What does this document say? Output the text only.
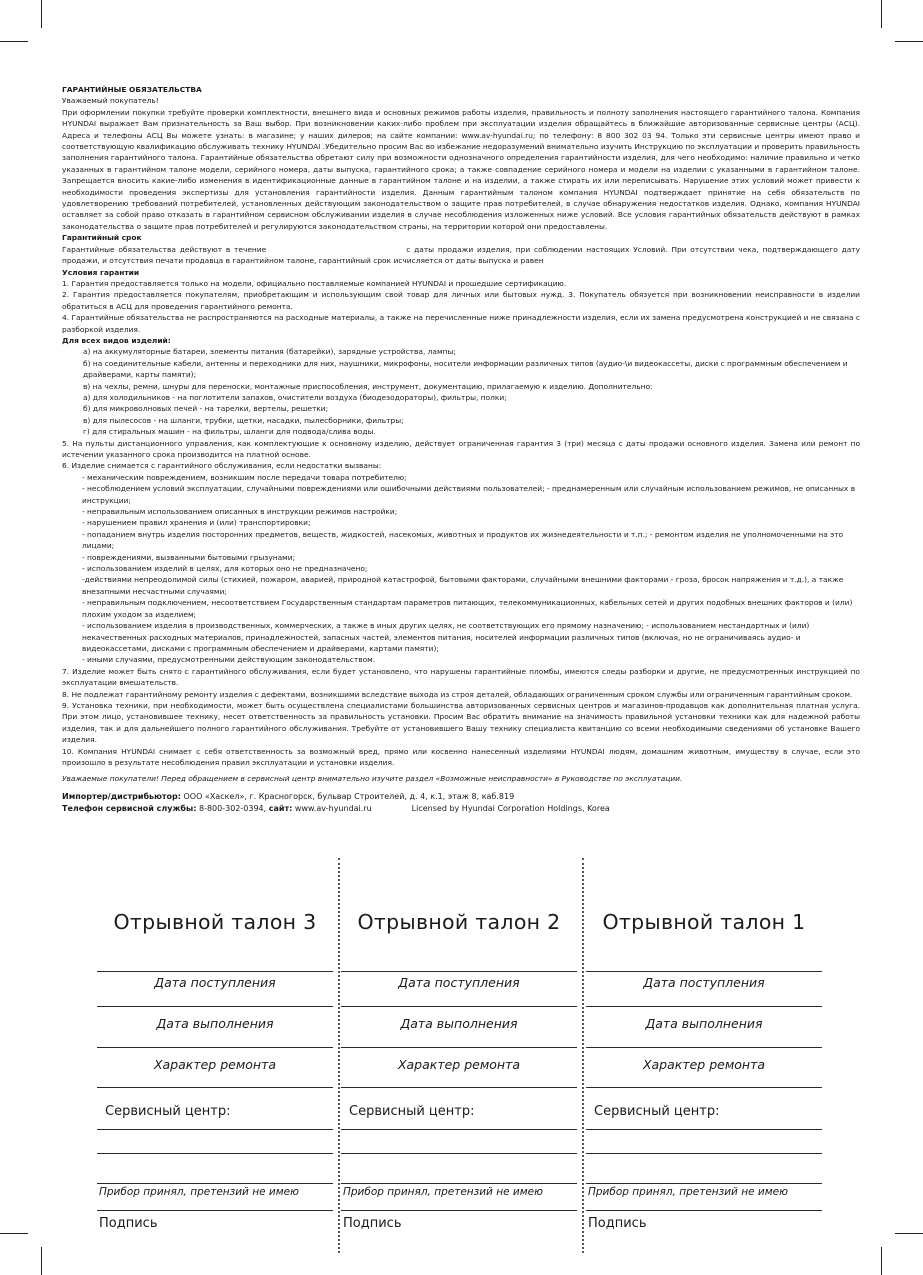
ГАРАНТИЙНЫЕ ОБЯЗАТЕЛЬСТВА

Уважаемый покупатель!

При оформлении покупки требуйте проверки комплектности, внешнего вида и основных режимов работы изделия, правильность и полноту заполнения настоящего гарантийного талона. Компания HYUNDAI выражает Вам признательность за Ваш выбор. При возникновении каких-либо проблем при эксплуатации изделия обращайтесь в ближайшие авторизованные сервисные центры (АСЦ). Адреса и телефоны АСЦ Вы можете узнать: в магазине; у наших дилеров; на сайте компании: www.av-hyundai.ru; по телефону: 8 800 302 03 94. Только эти сервисные центры имеют право и соответствующую квалификацию обслуживать технику HYUNDAI .Убедительно просим Вас во избежание недоразумений внимательно изучить Инструкцию по эксплуатации и проверить правильность заполнения гарантийного талона. Гарантийные обязательства обретают силу при возможности однозначного определения гарантийности изделия, для чего необходимо: наличие правильно и четко указанных в гарантийном талоне модели, серийного номера, даты выпуска, гарантийного срока; а также совпадение серийного номера и модели на изделии с указанными в гарантийном талоне. Запрещается вносить какие-либо изменения в идентификационные данные в гарантийном талоне и на изделии, а также стирать их или переписывать. Нарушение этих условий может привести к необходимости проведения экспертизы для установления гарантийности изделия. Данным гарантийным талоном компания HYUNDAI подтверждает принятие на себя обязательств по удовлетворению требований потребителей, установленных действующим законодательством о защите прав потребителей, в случае обнаружения недостатков изделия. Однако, компания HYUNDAI оставляет за собой право отказать в гарантийном сервисном обслуживании изделия в случае несоблюдения изложенных ниже условий. Все условия гарантийных обязательств действуют в рамках законодательства о защите прав потребителей и регулируются законодательством страны, на территории которой они предоставлены.

Гарантийный срок

Гарантийные обязательства действуют в течение	с даты продажи изделия, при соблюдении настоящих Условий. При отсутствии чека, подтверждающего дату продажи, и отсутствия печати продавца в гарантийном талоне, гарантийный срок исчисляется от даты выпуска и равен

Условия гарантии

1. Гарантия предоставляется только на модели, официально поставляемые компанией HYUNDAI и прошедшие сертификацию.

2. Гарантия предоставляется покупателям, приобретающим и использующим свой товар для личных или бытовых нужд. 3. Покупатель обязуется при возникновении неисправности в изделии обратиться в АСЦ для проведения гарантийного ремонта.

4. Гарантийные обязательства не распространяются на расходные материалы, а также на перечисленные ниже принадлежности изделия, если их замена предусмотрена конструкцией и не связана с разборкой изделия.

Для всех видов изделий:

а) на аккумуляторные батареи, элементы питания (батарейки), зарядные устройства, лампы;

б) на соединительные кабели, антенны и переходники для них, наушники, микрофоны, носители информации различных типов (аудио-\и видеокассеты, диски с программным обеспечением и драйверами, карты памяти);

в) на чехлы, ремни, шнуры для переноски, монтажные приспособления, инструмент, документацию, прилагаемую к изделию. Дополнительно:

а) для холодильников - на поглотители запахов, очистители воздуха (биодезодораторы), фильтры, полки;

б) для микроволновых печей - на тарелки, вертелы, решетки;

в) для пылесосов - на шланги, трубки, щетки, насадки, пылесборники, фильтры;

г) для стиральных машин - на фильтры, шланги для подвода/слива воды.

5. На пульты дистанционного управления, как комплектующие к основному изделию, действует ограниченная гарантия 3 (три) месяца с даты продажи основного изделия. Замена или ремонт по истечении указанного срока производится на платной основе.

6. Изделие снимается с гарантийного обслуживания, если недостатки вызваны:

- механическим повреждением, возникшим после передачи товара потребителю;

- несоблюдением условий эксплуатации, случайными повреждениями или ошибочными действиями пользователей; - преднамеренным или случайным использованием режимов, не описанных в инструкции;

- неправильным использованием описанных в инструкции режимов настройки;

- нарушением правил хранения и (или) транспортировки;

- попаданием внутрь изделия посторонних предметов, веществ, жидкостей, насекомых, животных и продуктов их жизнедеятельности и т.п.; - ремонтом изделия не уполномоченными на это лицами;

- повреждениями, вызванными бытовыми грызунами;

- использованием изделий в целях, для которых оно не предназначено;

-действиями непреодолимой силы (стихией, пожаром, аварией, природной катастрофой, бытовыми факторами, случайными внешними факторами - гроза, бросок напряжения и т.д.), а также внезапными несчастными случаями;

- неправильным подключением, несоответствием Государственным стандартам параметров питающих, телекоммуникационных, кабельных сетей и других подобных внешних факторов и (или) плохим уходом за изделием;

- использованием изделия в производственных, коммерческих, а также в иных других целях, не соответствующих его прямому назначению; - использованием нестандартных и (или) некачественных расходных материалов, принадлежностей, запасных частей, элементов питания, носителей информации различных типов (включая, но не ограничиваясь аудио- и видеокассетами, дисками с программным обеспечением и драйверами, картами памяти);

- иными случаями, предусмотренными действующим законодательством.

7. Изделие может быть снято с гарантийного обслуживания, если будет установлено, что нарушены гарантийные пломбы, имеются следы разборки и другие, не предусмотренных инструкцией по эксплуатации вмешательств.

8. Не подлежат гарантийному ремонту изделия с дефектами, возникшими вследствие выхода из строя деталей, обладающих ограниченным сроком службы или ограниченным гарантийным сроком.

9. Установка техники, при необходимости, может быть осуществлена специалистами большинства авторизованных сервисных центров и магазинов-продавцов как дополнительная платная услуга. При этом лицо, установившее технику, несет ответственность за правильность установки. Просим Вас обратить внимание на значимость правильной установки техники как для надежной работы изделия, так и для дальнейшего полного гарантийного обслуживания. Требуйте от установившего Вашу технику специалиста квитанцию со всеми необходимыми сведениями об установке Вашего изделия.

10. Компания HYUNDAI снимает с себя ответственность за возможный вред, прямо или косвенно нанесенный изделиями HYUNDAI людям, домашним животным, имуществу в случае, если это произошло в результате несоблюдения правил эксплуатации и установки изделия.

Уважаемые покупатели! Перед обращением в сервисный центр внимательно изучите раздел «Возможные неисправности» в Руководстве по эксплуатации.

Импортер/дистрибьютор: ООО «Хаскел», г. Красногорск, бульвар Строителей, д. 4, к.1, этаж 8, каб.819
Телефон сервисной службы: 8-800-302-0394, сайт: www.av-hyundai.ru	Licensed by Hyundai Corporation Holdings, Korea
Отрывной талон 3
Дата поступления
Дата выполнения
Характер ремонта
Сервисный центр:
Прибор принял, претензий не имею
Подпись
Отрывной талон 2
Дата поступления
Дата выполнения
Характер ремонта
Сервисный центр:
Прибор принял, претензий не имею
Подпись
Отрывной талон 1
Дата поступления
Дата выполнения
Характер ремонта
Сервисный центр:
Прибор принял, претензий не имею
Подпись
